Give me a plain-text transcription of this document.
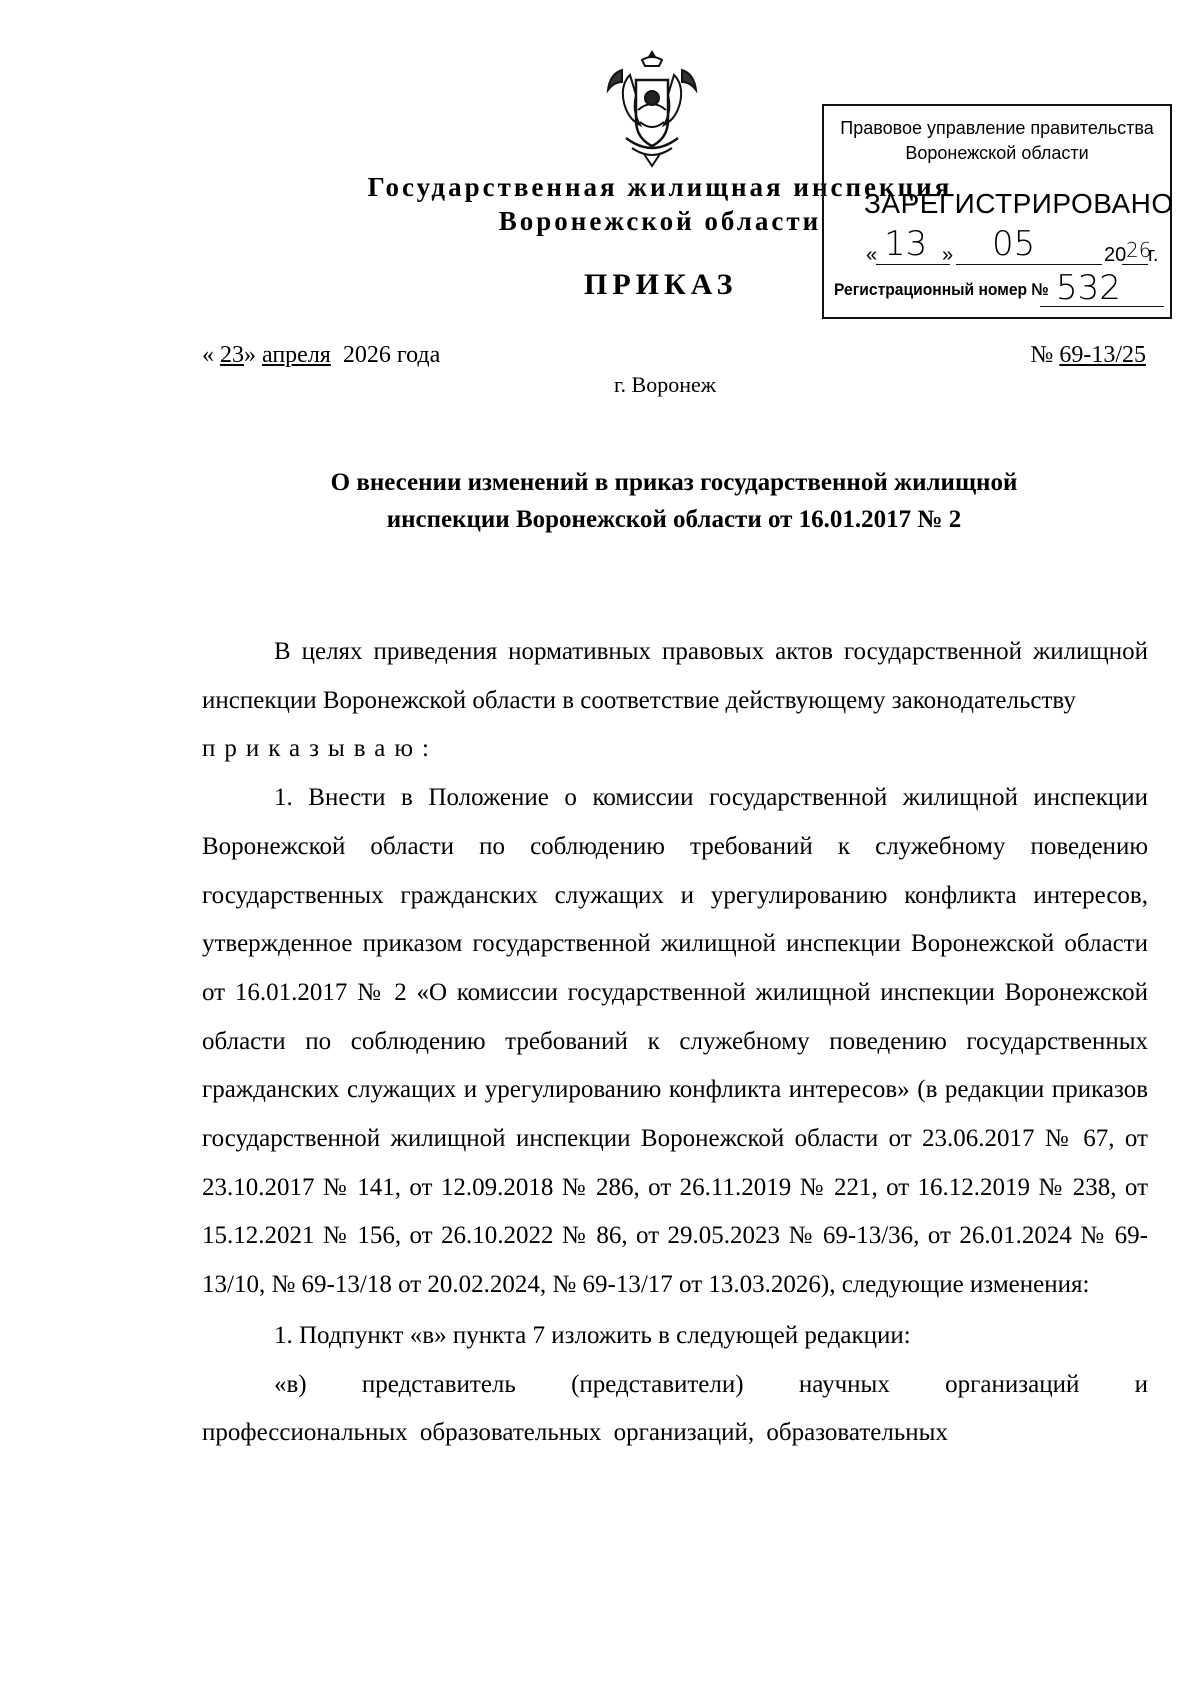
Государственная жилищная инспекция
Воронежской области
Правовое управление правительства
Воронежской области
ЗАРЕГИСТРИРОВАНО
« 13 » 05	20 26
г.
Регистрационный номер № 532
ПРИКАЗ
« 23» апреля 2026 года	№ 69-13/25
г. Воронеж
О внесении изменений в приказ государственной жилищной
инспекции Воронежской области от 16.01.2017 № 2

В целях приведения нормативных правовых актов государственной жилищной инспекции Воронежской области в соответствие действующему законодательству

приказываю:

1. Внести в Положение о комиссии государственной жилищной инспекции Воронежской области по соблюдению требований к служебному поведению государственных гражданских служащих и урегулированию конфликта интересов, утвержденное приказом государственной жилищной инспекции Воронежской области от 16.01.2017 № 2 «О комиссии государственной жилищной инспекции Воронежской области по соблюдению требований к служебному поведению государственных гражданских служащих и урегулированию конфликта интересов» (в редакции приказов государственной жилищной инспекции Воронежской области от 23.06.2017 № 67, от 23.10.2017 № 141, от 12.09.2018 № 286, от 26.11.2019 № 221, от 16.12.2019 № 238, от 15.12.2021 № 156, от 26.10.2022 № 86, от 29.05.2023 № 69-13/36, от 26.01.2024 № 69-13/10, № 69-13/18 от 20.02.2024, № 69-13/17 от 13.03.2026), следующие изменения:

1. Подпункт «в» пункта 7 изложить в следующей редакции:

«в) представитель (представители) научных организаций и профессиональных образовательных организаций, образовательных
